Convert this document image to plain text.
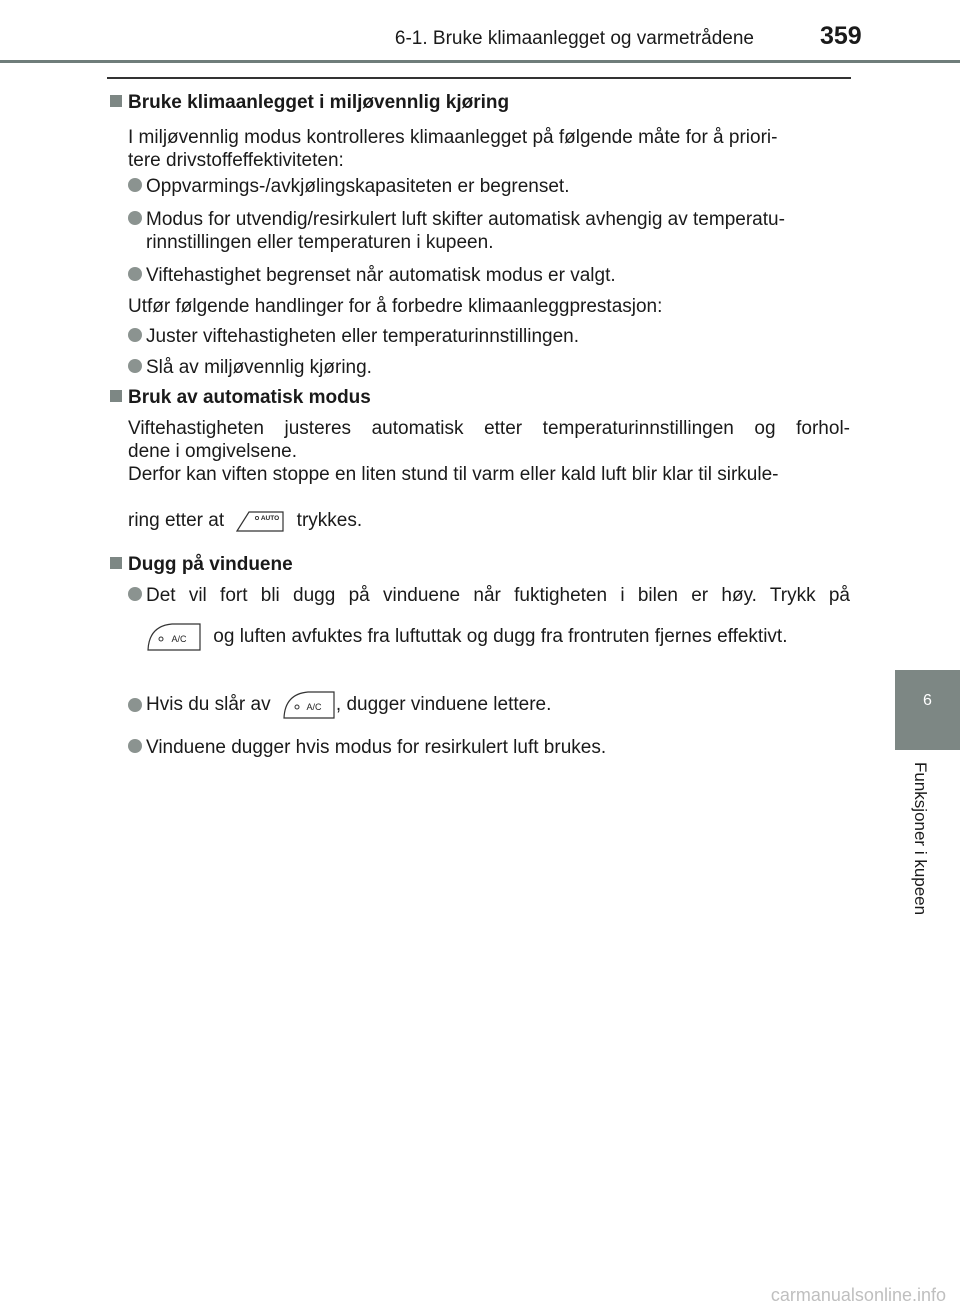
6-1. Bruke klimaanlegget og varmetrådene	359
6
Funksjoner i kupeen
Bruke klimaanlegget i miljøvennlig kjøring
I miljøvennlig modus kontrolleres klimaanlegget på følgende måte for å priori-
tere drivstoffeffektiviteten:
Oppvarmings-/avkjølingskapasiteten er begrenset.
Modus for utvendig/resirkulert luft skifter automatisk avhengig av temperatu-
rinnstillingen eller temperaturen i kupeen.
Viftehastighet begrenset når automatisk modus er valgt.
Utfør følgende handlinger for å forbedre klimaanleggprestasjon:
Juster viftehastigheten eller temperaturinnstillingen.
Slå av miljøvennlig kjøring.
Bruk av automatisk modus
Viftehastigheten justeres automatisk etter temperaturinnstillingen og forhol-
dene i omgivelsene.
Derfor kan viften stoppe en liten stund til varm eller kald luft blir klar til sirkule-
ring etter at	AUTO trykkes.
Dugg på vinduene
Det vil fort bli dugg på vinduene når fuktigheten i bilen er høy. Trykk på
A/C og luften avfuktes fra luftuttak og dugg fra frontruten fjernes effektivt.
Hvis du slår av	A/C , dugger vinduene lettere.
Vinduene dugger hvis modus for resirkulert luft brukes.
carmanualsonline.info
